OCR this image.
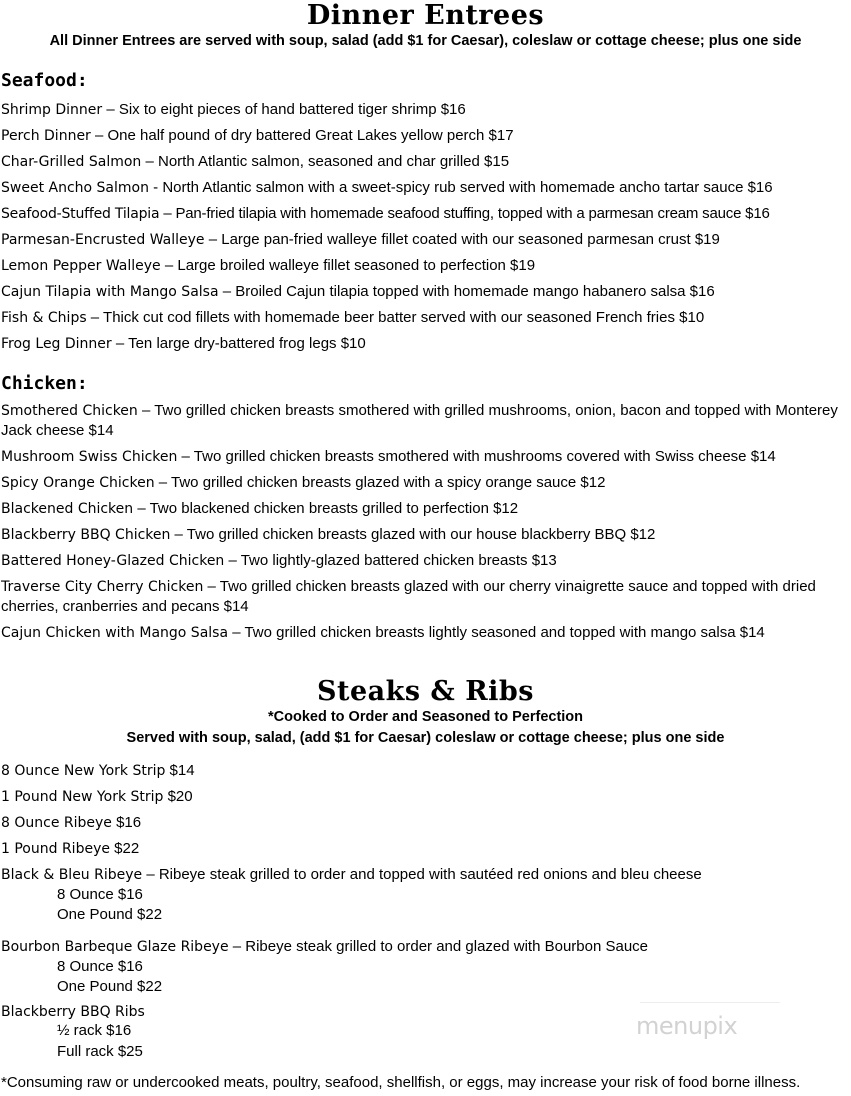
Dinner Entrees
All Dinner Entrees are served with soup, salad (add $1 for Caesar), coleslaw or cottage cheese; plus one side
Seafood:
Shrimp Dinner – Six to eight pieces of hand battered tiger shrimp $16
Perch Dinner – One half pound of dry battered Great Lakes yellow perch $17
Char-Grilled Salmon – North Atlantic salmon, seasoned and char grilled $15
Sweet Ancho Salmon - North Atlantic salmon with a sweet-spicy rub served with homemade ancho tartar sauce $16
Seafood-Stuffed Tilapia – Pan-fried tilapia with homemade seafood stuffing, topped with a parmesan cream sauce $16
Parmesan-Encrusted Walleye – Large pan-fried walleye fillet coated with our seasoned parmesan crust $19
Lemon Pepper Walleye – Large broiled walleye fillet seasoned to perfection $19
Cajun Tilapia with Mango Salsa – Broiled Cajun tilapia topped with homemade mango habanero salsa $16
Fish & Chips – Thick cut cod fillets with homemade beer batter served with our seasoned French fries $10
Frog Leg Dinner – Ten large dry-battered frog legs $10
Chicken:
Smothered Chicken – Two grilled chicken breasts smothered with grilled mushrooms, onion, bacon and topped with Monterey Jack cheese $14
Mushroom Swiss Chicken – Two grilled chicken breasts smothered with mushrooms covered with Swiss cheese $14
Spicy Orange Chicken – Two grilled chicken breasts glazed with a spicy orange sauce $12
Blackened Chicken – Two blackened chicken breasts grilled to perfection $12
Blackberry BBQ Chicken – Two grilled chicken breasts glazed with our house blackberry BBQ $12
Battered Honey-Glazed Chicken – Two lightly-glazed battered chicken breasts $13
Traverse City Cherry Chicken – Two grilled chicken breasts glazed with our cherry vinaigrette sauce and topped with dried cherries, cranberries and pecans $14
Cajun Chicken with Mango Salsa – Two grilled chicken breasts lightly seasoned and topped with mango salsa $14
Steaks & Ribs
*Cooked to Order and Seasoned to Perfection
Served with soup, salad, (add $1 for Caesar) coleslaw or cottage cheese; plus one side
8 Ounce New York Strip $14
1 Pound New York Strip $20
8 Ounce Ribeye $16
1 Pound Ribeye $22
Black & Bleu Ribeye – Ribeye steak grilled to order and topped with sautéed red onions and bleu cheese
8 Ounce $16
One Pound $22
Bourbon Barbeque Glaze Ribeye – Ribeye steak grilled to order and glazed with Bourbon Sauce
8 Ounce $16
One Pound $22
Blackberry BBQ Ribs
½ rack $16
Full rack $25
menupix
*Consuming raw or undercooked meats, poultry, seafood, shellfish, or eggs, may increase your risk of food borne illness.
